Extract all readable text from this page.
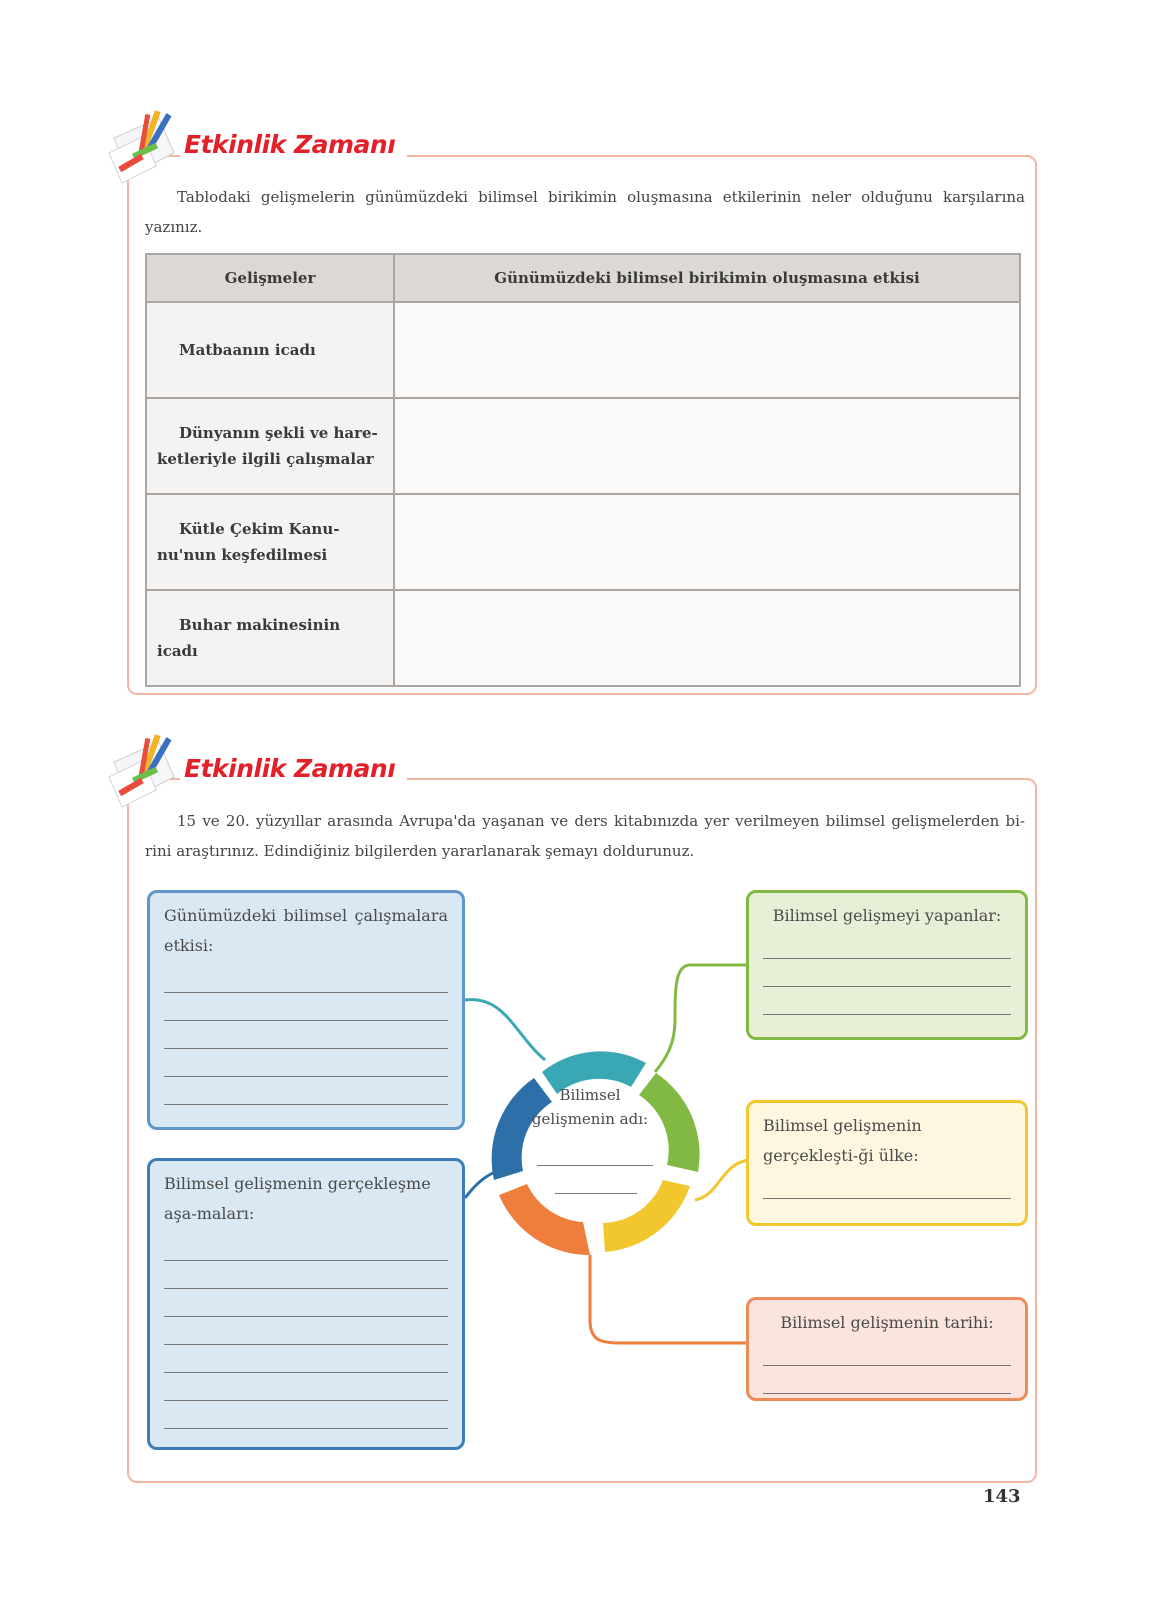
Etkinlik Zamanı
Tablodaki gelişmelerin günümüzdeki bilimsel birikimin oluşmasına etkilerinin neler olduğunu karşılarına yazınız.
Gelişmeler	Günümüzdeki bilimsel birikimin oluşmasına etkisi
Matbaanın icadı	
Dünyanın şekli ve hare-ketleriyle ilgili çalışmalar	
Kütle Çekim Kanu-nu'nun keşfedilmesi	
Buhar makinesinin icadı	
Etkinlik Zamanı
15 ve 20. yüzyıllar arasında Avrupa'da yaşanan ve ders kitabınızda yer verilmeyen bilimsel gelişmelerden bi-rini araştırınız. Edindiğiniz bilgilerden yararlanarak şemayı doldurunuz.
Bilimsel gelişmenin adı:
Günümüzdeki bilimsel çalışmalara etkisi:
Bilimsel gelişmenin gerçekleşme aşa-maları:
Bilimsel gelişmeyi yapanlar:
Bilimsel gelişmenin gerçekleşti-ği ülke:
Bilimsel gelişmenin tarihi:
143
